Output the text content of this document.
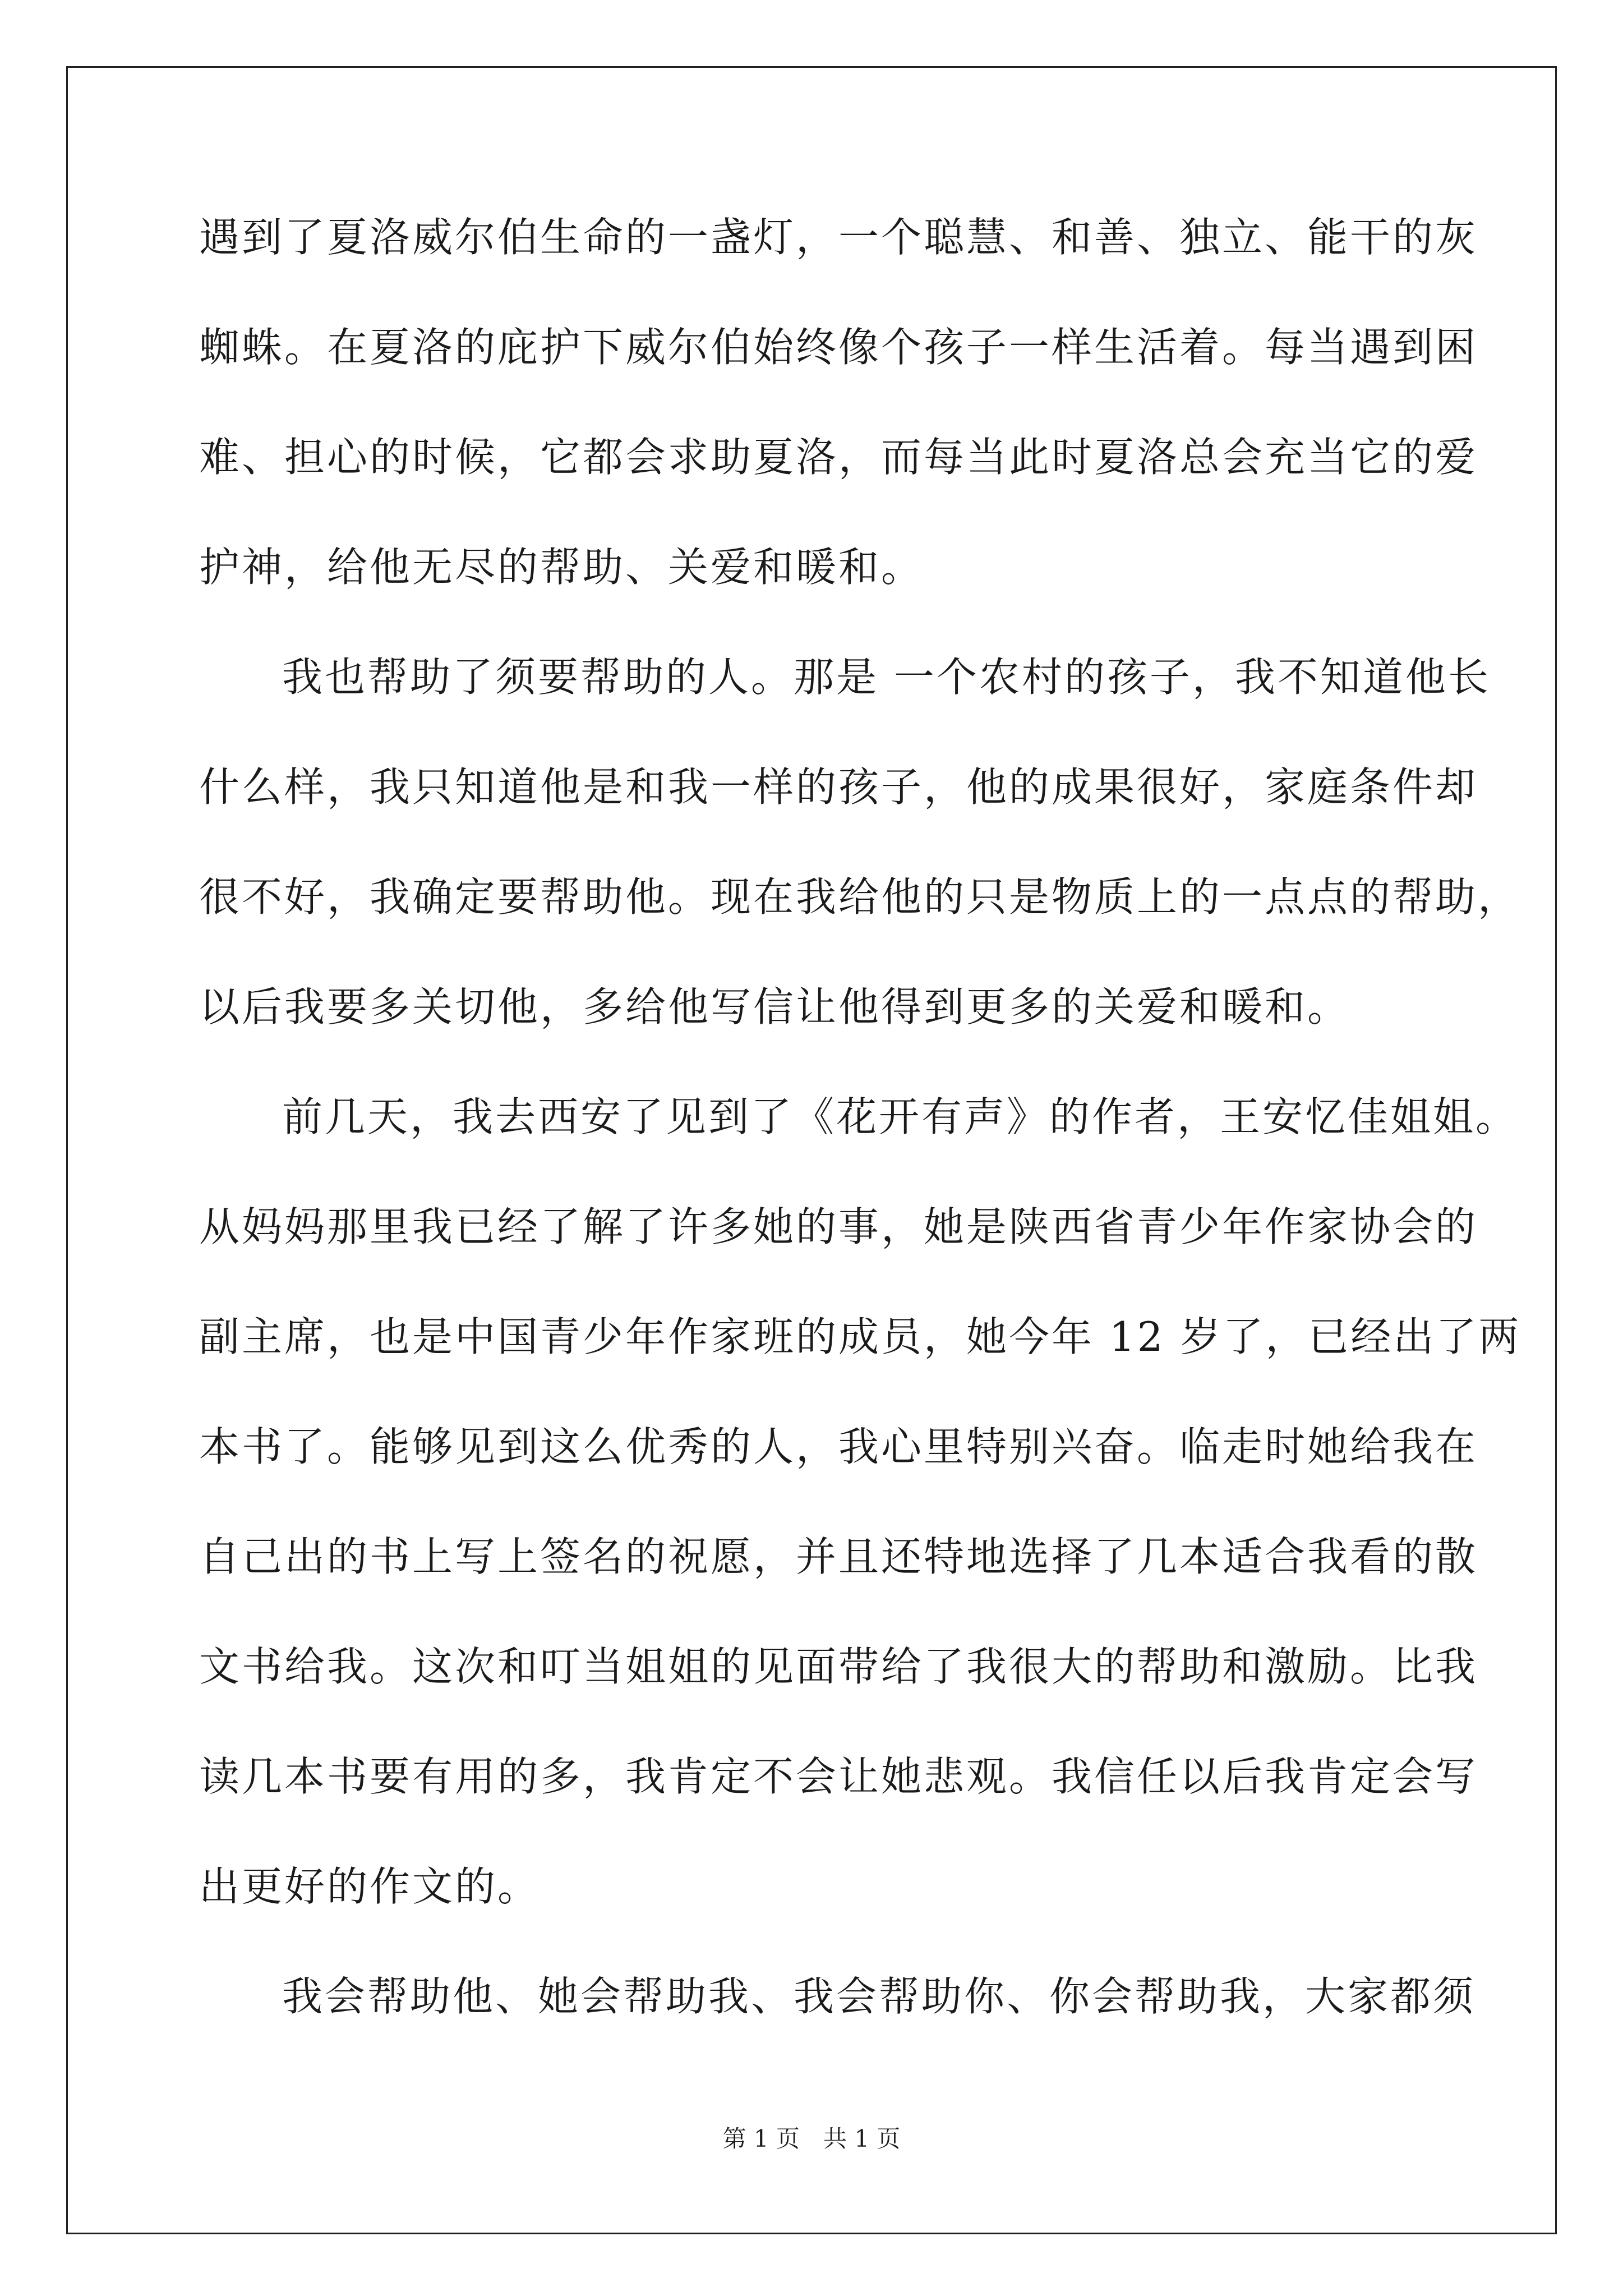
遇到了夏洛威尔伯生命的一盏灯，一个聪慧、和善、独立、能干的灰
蜘蛛。在夏洛的庇护下威尔伯始终像个孩子一样生活着。每当遇到困
难、担心的时候，它都会求助夏洛，而每当此时夏洛总会充当它的爱
护神，给他无尽的帮助、关爱和暖和。
我也帮助了须要帮助的人。那是 一个农村的孩子，我不知道他长
什么样，我只知道他是和我一样的孩子，他的成果很好，家庭条件却
很不好，我确定要帮助他。现在我给他的只是物质上的一点点的帮助，
以后我要多关切他，多给他写信让他得到更多的关爱和暖和。
前几天，我去西安了见到了《花开有声》的作者，王安忆佳姐姐。
从妈妈那里我已经了解了许多她的事，她是陕西省青少年作家协会的
副主席，也是中国青少年作家班的成员，她今年 12 岁了，已经出了两
本书了。能够见到这么优秀的人，我心里特别兴奋。临走时她给我在
自己出的书上写上签名的祝愿，并且还特地选择了几本适合我看的散
文书给我。这次和叮当姐姐的见面带给了我很大的帮助和激励。比我
读几本书要有用的多，我肯定不会让她悲观。我信任以后我肯定会写
出更好的作文的。
我会帮助他、她会帮助我、我会帮助你、你会帮助我，大家都须
第 1 页　共 1 页
